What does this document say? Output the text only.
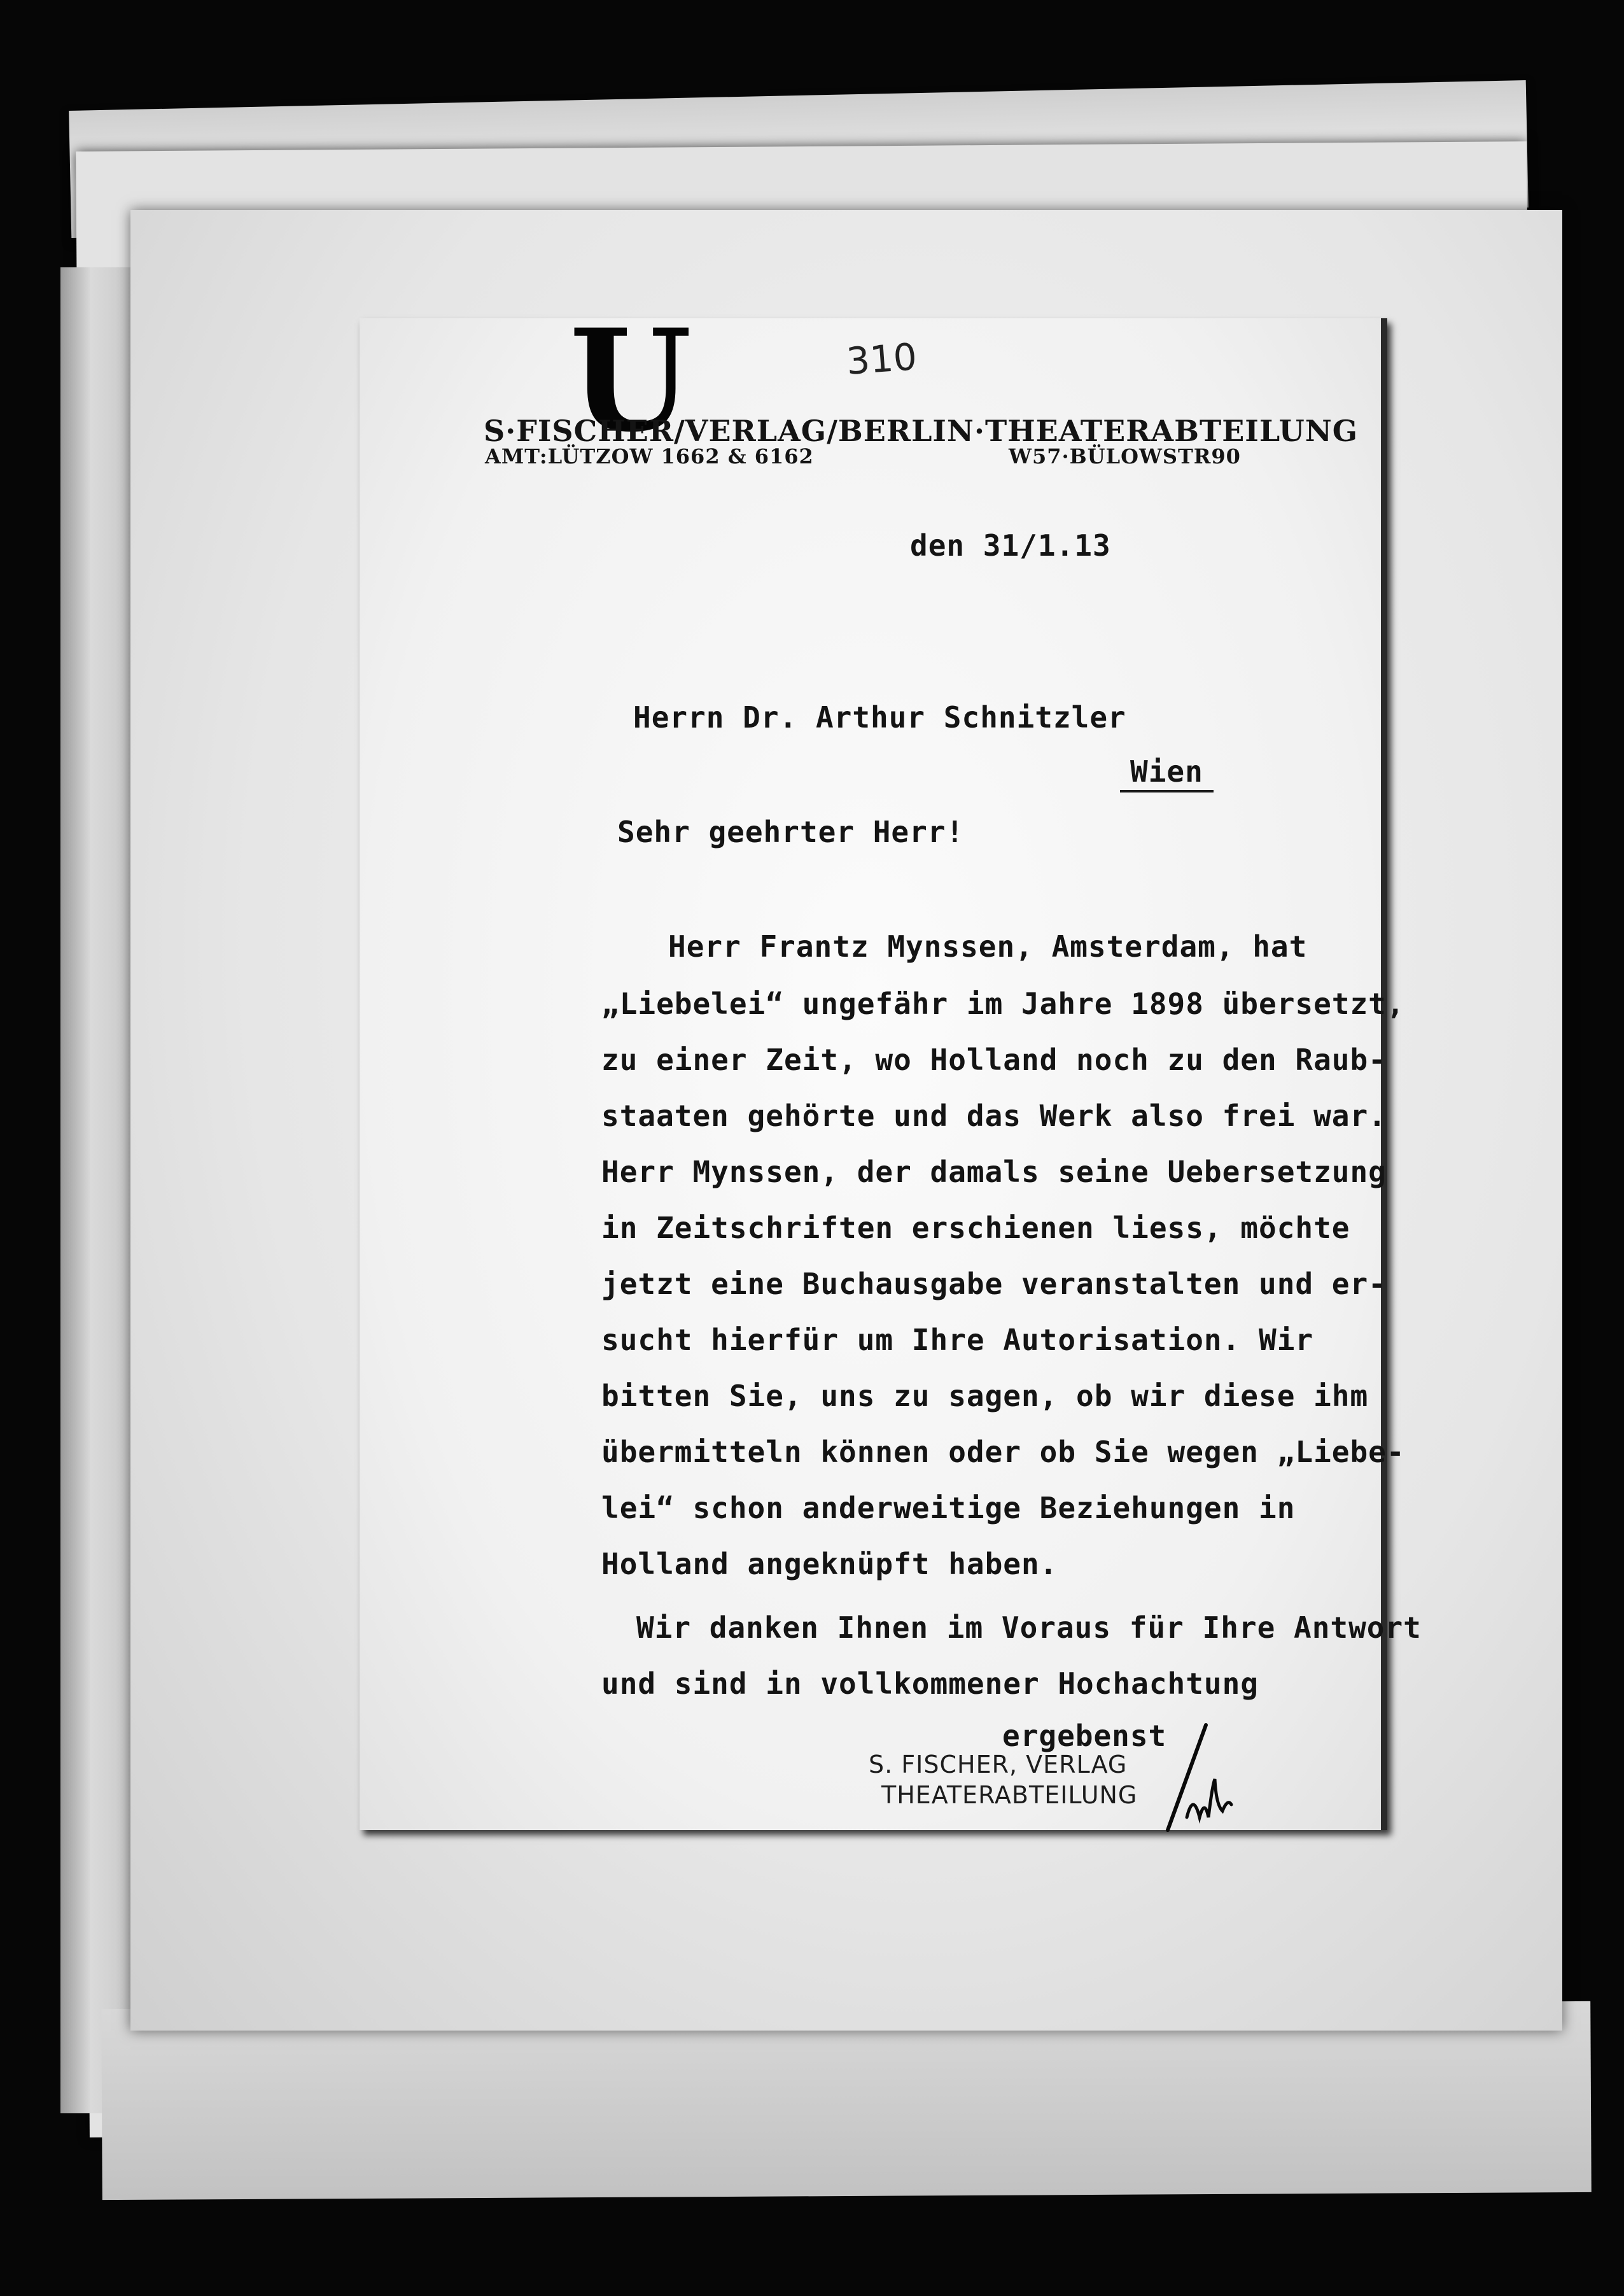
U	310
S·FISCHER/VERLAG/BERLIN·THEATERABTEILUNG
AMT:LÜTZOW 1662 & 6162	W57·BÜLOWSTR90
den 31/1.13
Herrn Dr. Arthur Schnitzler
Wien
Sehr geehrter Herr!
Herr Frantz Mynssen, Amsterdam, hat
„Liebelei“ ungefähr im Jahre 1898 übersetzt,
zu einer Zeit, wo Holland noch zu den Raub-
staaten gehörte und das Werk also frei war.
Herr Mynssen, der damals seine Uebersetzung
in Zeitschriften erschienen liess, möchte
jetzt eine Buchausgabe veranstalten und er-
sucht hierfür um Ihre Autorisation. Wir
bitten Sie, uns zu sagen, ob wir diese ihm
übermitteln können oder ob Sie wegen „Liebe-
lei“ schon anderweitige Beziehungen in
Holland angeknüpft haben.
Wir danken Ihnen im Voraus für Ihre Antwort
und sind in vollkommener Hochachtung
ergebenst
S. FISCHER, VERLAG
THEATERABTEILUNG
